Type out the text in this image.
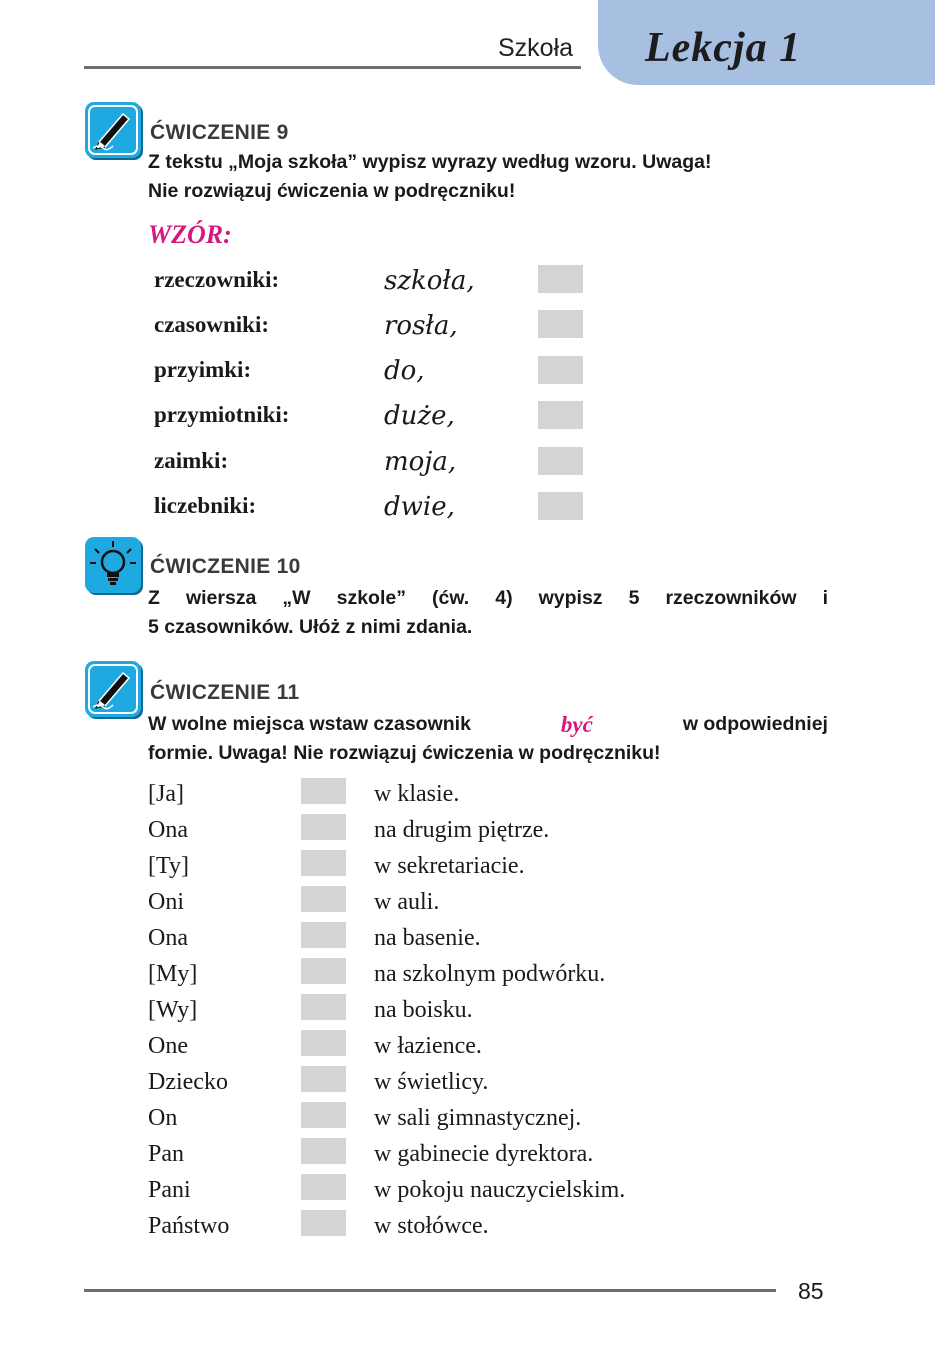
Lekcja 1
Szkoła
ĆWICZENIE 9
Z tekstu „Moja szkoła” wypisz wyrazy według wzoru. Uwaga!
Nie rozwiązuj ćwiczenia w podręczniku!
WZÓR:
rzeczowniki:	szkoła,
czasowniki:	rosła,
przyimki:	do,
przymiotniki:	duże,
zaimki:	moja,
liczebniki:	dwie,
ĆWICZENIE 10
Z wiersza „W szkole” (ćw. 4) wypisz 5 rzeczowników i
5 czasowników. Ułóż z nimi zdania.
ĆWICZENIE 11
W wolne miejsca wstaw czasownik	być	w odpowiedniej
formie. Uwaga! Nie rozwiązuj ćwiczenia w podręczniku!
[Ja]	w klasie.
Ona	na drugim piętrze.
[Ty]	w sekretariacie.
Oni	w auli.
Ona	na basenie.
[My]	na szkolnym podwórku.
[Wy]	na boisku.
One	w łazience.
Dziecko	w świetlicy.
On	w sali gimnastycznej.
Pan	w gabinecie dyrektora.
Pani	w pokoju nauczycielskim.
Państwo	w stołówce.
85
